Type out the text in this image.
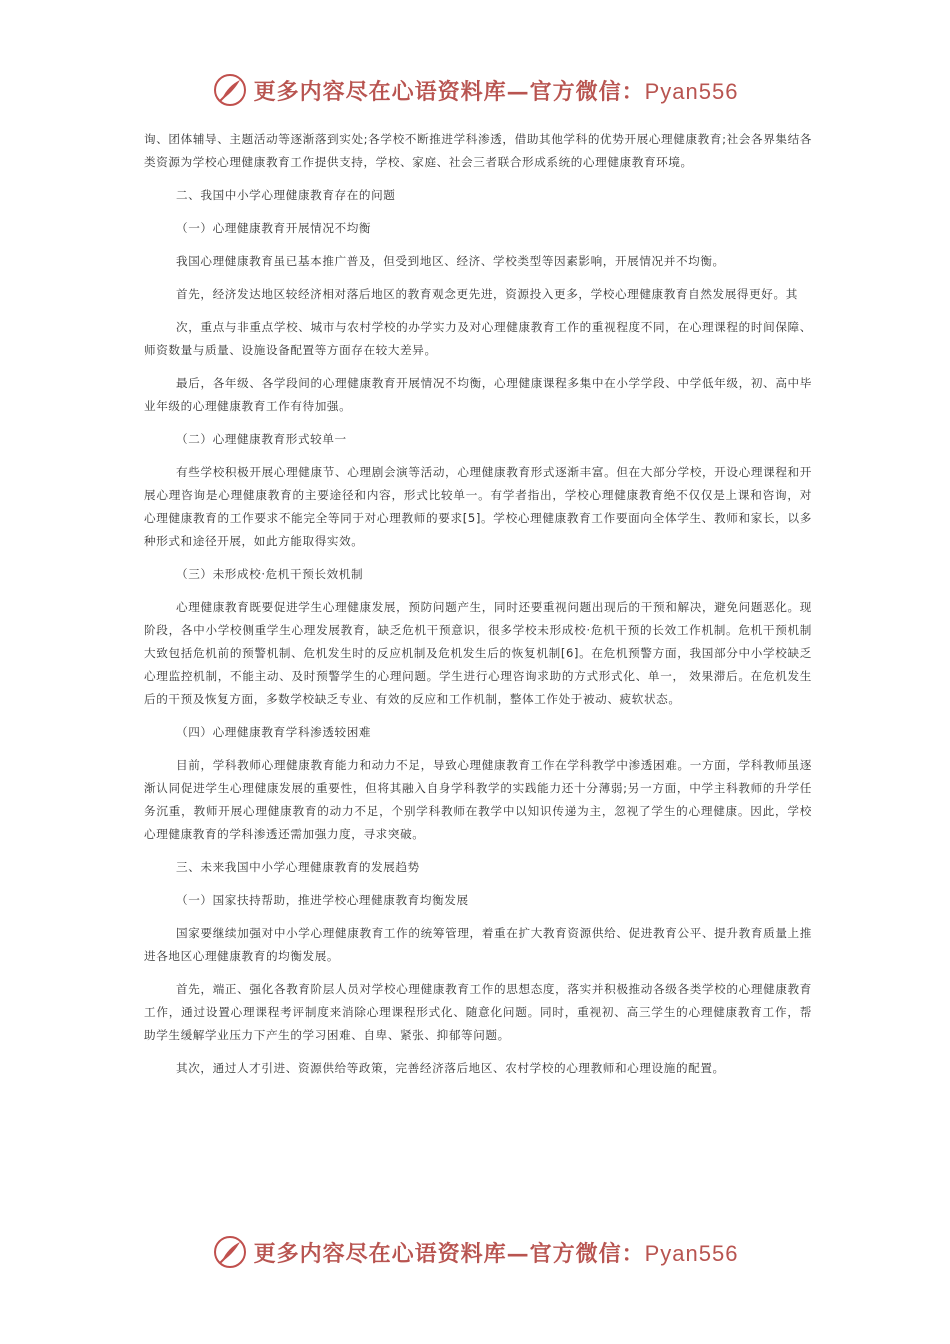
更多内容尽在心语资料库—官方微信：Pyan556

询、团体辅导、主题活动等逐渐落到实处;各学校不断推进学科渗透，借助其他学科的优势开展心理健康教育;社会各界集结各类资源为学校心理健康教育工作提供支持，学校、家庭、社会三者联合形成系统的心理健康教育环境。

二、我国中小学心理健康教育存在的问题

（一）心理健康教育开展情况不均衡

我国心理健康教育虽已基本推广普及，但受到地区、经济、学校类型等因素影响，开展情况并不均衡。

首先，经济发达地区较经济相对落后地区的教育观念更先进，资源投入更多，学校心理健康教育自然发展得更好。其

次，重点与非重点学校、城市与农村学校的办学实力及对心理健康教育工作的重视程度不同，在心理课程的时间保障、师资数量与质量、设施设备配置等方面存在较大差异。

最后，各年级、各学段间的心理健康教育开展情况不均衡，心理健康课程多集中在小学学段、中学低年级，初、高中毕业年级的心理健康教育工作有待加强。

（二）心理健康教育形式较单一

有些学校积极开展心理健康节、心理剧会演等活动，心理健康教育形式逐渐丰富。但在大部分学校，开设心理课程和开展心理咨询是心理健康教育的主要途径和内容，形式比较单一。有学者指出，学校心理健康教育绝不仅仅是上课和咨询，对心理健康教育的工作要求不能完全等同于对心理教师的要求[5]。学校心理健康教育工作要面向全体学生、教师和家长，以多种形式和途径开展，如此方能取得实效。

（三）未形成校·危机干预长效机制

心理健康教育既要促进学生心理健康发展，预防问题产生，同时还要重视问题出现后的干预和解决，避免问题恶化。现阶段，各中小学校侧重学生心理发展教育，缺乏危机干预意识，很多学校未形成校·危机干预的长效工作机制。危机干预机制大致包括危机前的预警机制、危机发生时的反应机制及危机发生后的恢复机制[6]。在危机预警方面，我国部分中小学校缺乏心理监控机制，不能主动、及时预警学生的心理问题。学生进行心理咨询求助的方式形式化、单一， 效果滞后。在危机发生后的干预及恢复方面，多数学校缺乏专业、有效的反应和工作机制，整体工作处于被动、疲软状态。

（四）心理健康教育学科渗透较困难

目前，学科教师心理健康教育能力和动力不足，导致心理健康教育工作在学科教学中渗透困难。一方面，学科教师虽逐渐认同促进学生心理健康发展的重要性，但将其融入自身学科教学的实践能力还十分薄弱;另一方面，中学主科教师的升学任务沉重，教师开展心理健康教育的动力不足，个别学科教师在教学中以知识传递为主，忽视了学生的心理健康。因此，学校心理健康教育的学科渗透还需加强力度，寻求突破。

三、未来我国中小学心理健康教育的发展趋势

（一）国家扶持帮助，推进学校心理健康教育均衡发展

国家要继续加强对中小学心理健康教育工作的统筹管理，着重在扩大教育资源供给、促进教育公平、提升教育质量上推进各地区心理健康教育的均衡发展。

首先，端正、强化各教育阶层人员对学校心理健康教育工作的思想态度，落实并积极推动各级各类学校的心理健康教育工作，通过设置心理课程考评制度来消除心理课程形式化、随意化问题。同时，重视初、高三学生的心理健康教育工作，帮助学生缓解学业压力下产生的学习困难、自卑、紧张、抑郁等问题。

其次，通过人才引进、资源供给等政策，完善经济落后地区、农村学校的心理教师和心理设施的配置。

更多内容尽在心语资料库—官方微信：Pyan556
